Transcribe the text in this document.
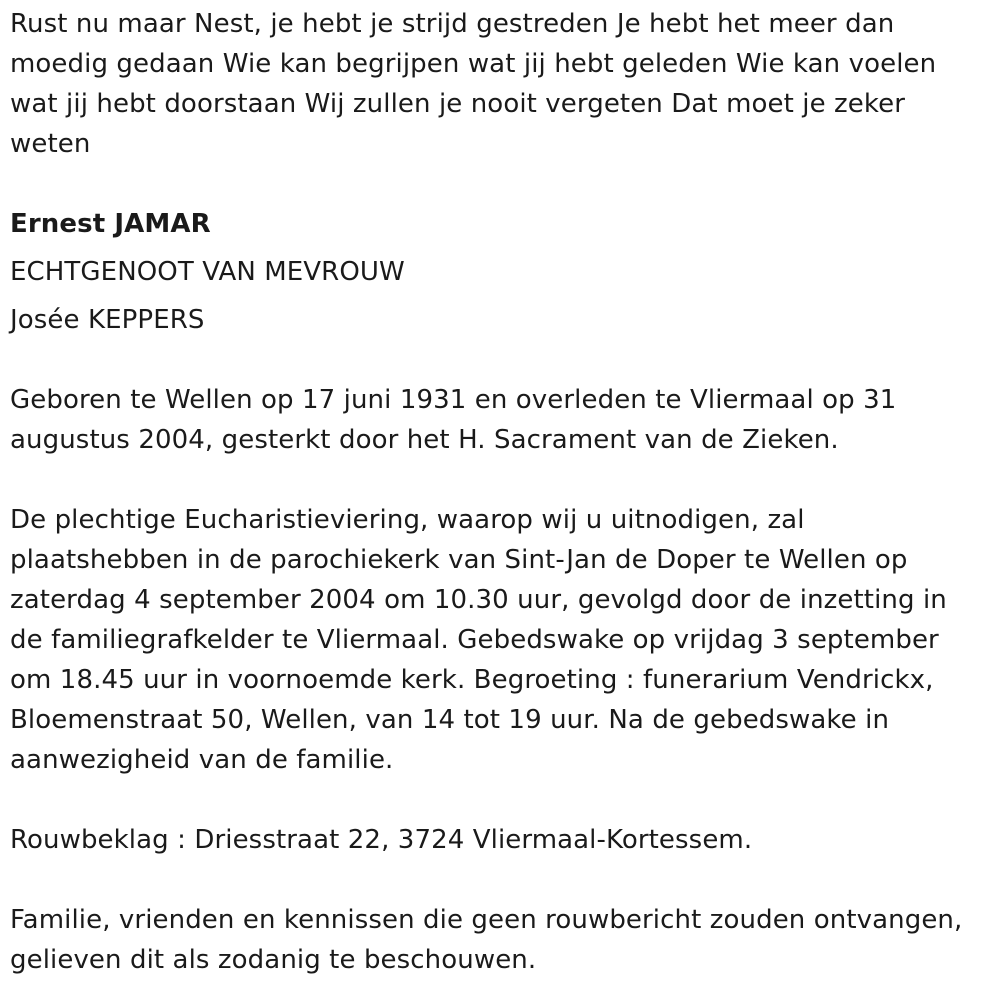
Rust nu maar Nest, je hebt je strijd gestreden Je hebt het meer dan moedig gedaan Wie kan begrijpen wat jij hebt geleden Wie kan voelen wat jij hebt doorstaan Wij zullen je nooit vergeten Dat moet je zeker weten

Ernest JAMAR

ECHTGENOOT VAN MEVROUW

Josée KEPPERS

Geboren te Wellen op 17 juni 1931 en overleden te Vliermaal op 31 augustus 2004, gesterkt door het H. Sacrament van de Zieken.

De plechtige Eucharistieviering, waarop wij u uitnodigen, zal plaatshebben in de parochiekerk van Sint-Jan de Doper te Wellen op zaterdag 4 september 2004 om 10.30 uur, gevolgd door de inzetting in de familiegrafkelder te Vliermaal. Gebedswake op vrijdag 3 september om 18.45 uur in voornoemde kerk. Begroeting : funerarium Vendrickx, Bloemenstraat 50, Wellen, van 14 tot 19 uur. Na de gebedswake in aanwezigheid van de familie.

Rouwbeklag : Driesstraat 22, 3724 Vliermaal-Kortessem.

Familie, vrienden en kennissen die geen rouwbericht zouden ontvangen, gelieven dit als zodanig te beschouwen.
